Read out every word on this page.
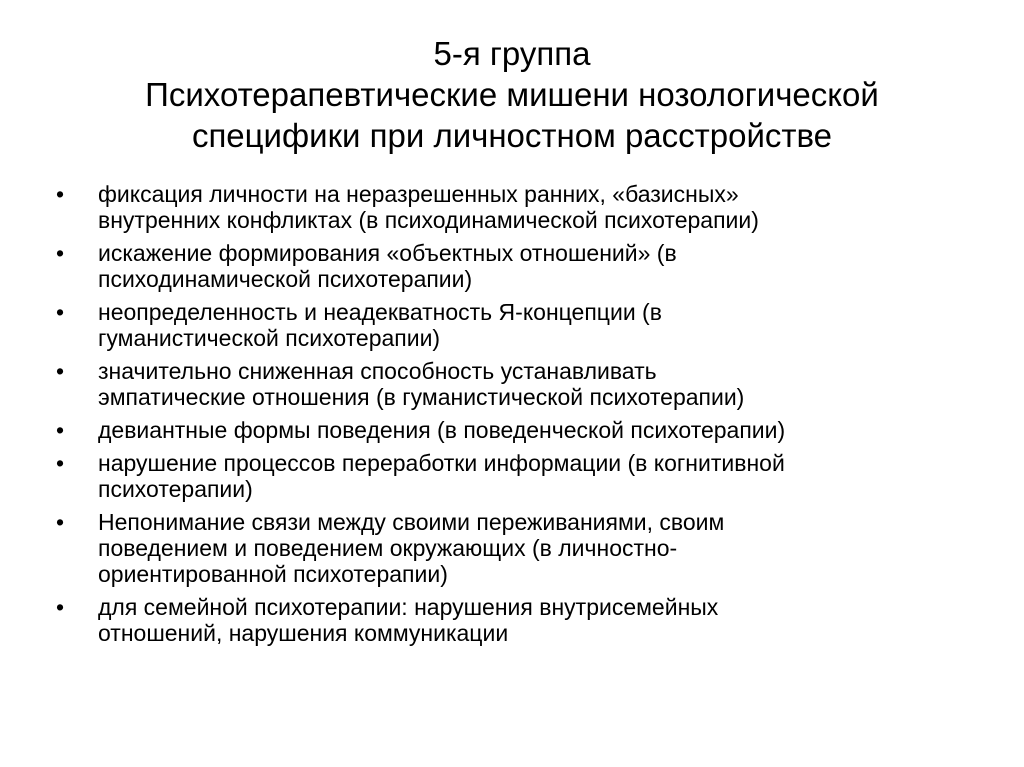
5-я группа
Психотерапевтические мишени нозологической
специфики при личностном расстройстве
• фиксация личности на неразрешенных ранних, «базисных»
внутренних конфликтах (в психодинамической психотерапии)
• искажение формирования «объектных отношений» (в
психодинамической психотерапии)
• неопределенность и неадекватность Я-концепции (в
гуманистической психотерапии)
• значительно сниженная способность устанавливать
эмпатические отношения (в гуманистической психотерапии)
• девиантные формы поведения (в поведенческой психотерапии)
• нарушение процессов переработки информации (в когнитивной
психотерапии)
• Непонимание связи между своими переживаниями, своим
поведением и поведением окружающих (в личностно-
ориентированной психотерапии)
• для семейной психотерапии: нарушения внутрисемейных
отношений, нарушения коммуникации
